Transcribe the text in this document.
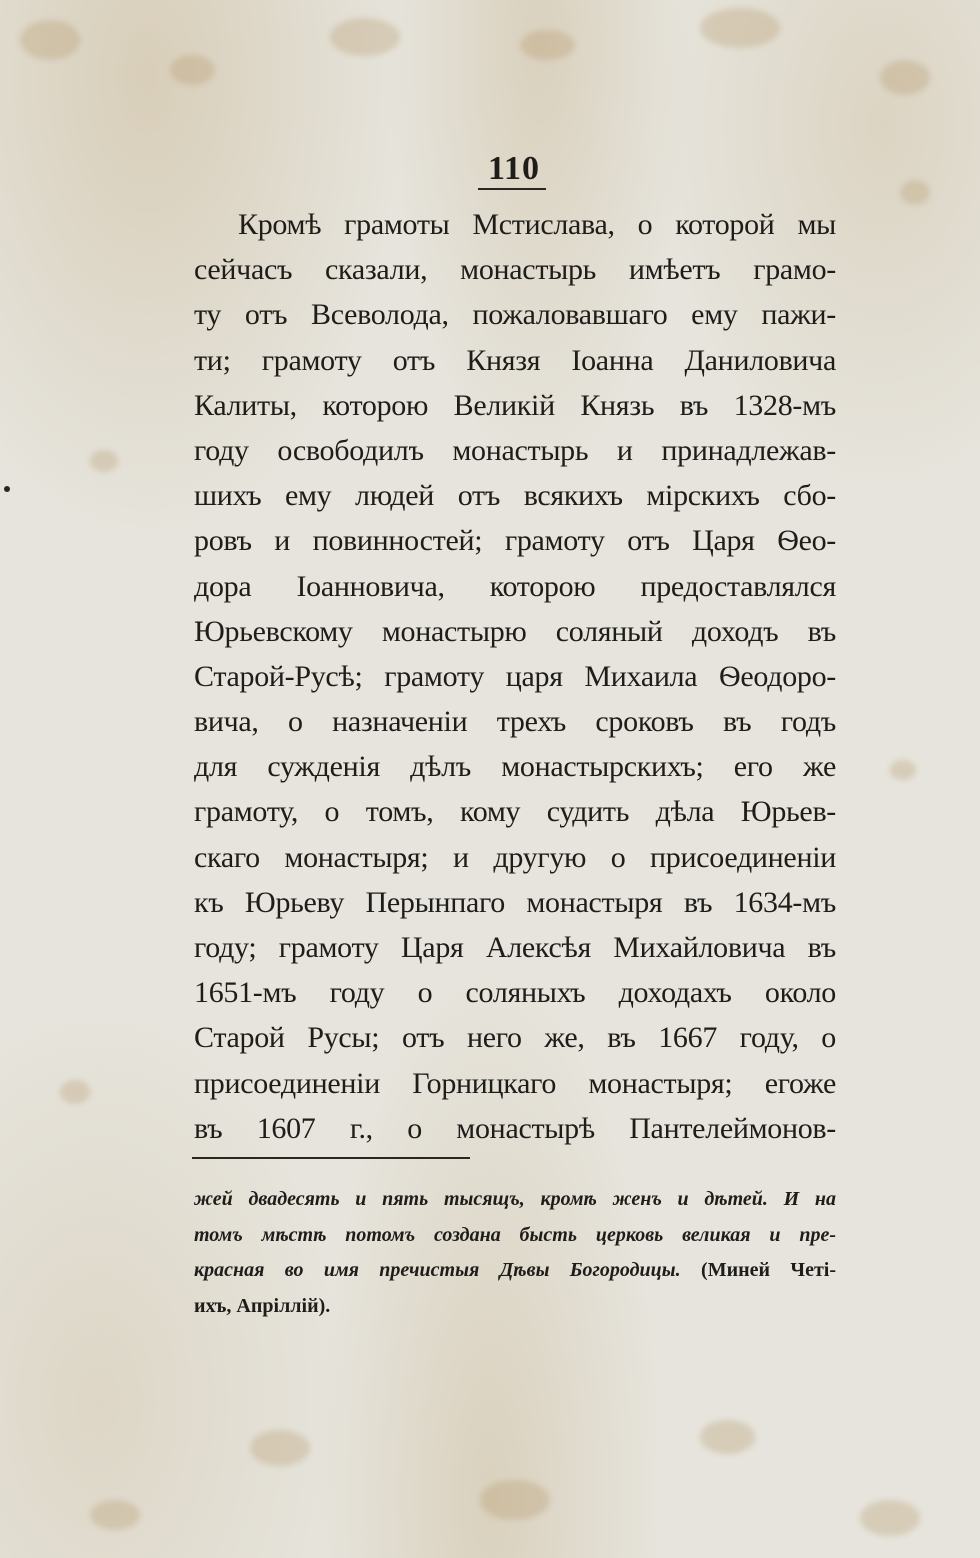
110
Кромѣ грамоты Мстислава, о которой мы
сейчасъ сказали, монастырь имѣетъ грамо-
ту отъ Всеволода, пожаловавшаго ему пажи-
ти; грамоту отъ Князя Іоанна Даниловича
Калиты, которою Великій Князь въ 1328-мъ
году освободилъ монастырь и принадлежав-
шихъ ему людей отъ всякихъ мірскихъ сбо-
ровъ и повинностей; грамоту отъ Царя Ѳео-
дора Іоанновича, которою предоставлялся
Юрьевскому монастырю соляный доходъ въ
Старой-Русѣ; грамоту царя Михаила Ѳеодоро-
вича, о назначеніи трехъ сроковъ въ годъ
для сужденія дѣлъ монастырскихъ; его же
грамоту, о томъ, кому судить дѣла Юрьев-
скаго монастыря; и другую о присоединеніи
къ Юрьеву Перынпаго монастыря въ 1634-мъ
году; грамоту Царя Алексѣя Михайловича въ
1651-мъ году о соляныхъ доходахъ около
Старой Русы; отъ него же, въ 1667 году, о
присоединеніи Горницкаго монастыря; егоже
въ 1607 г., о монастырѣ Пантелеймонов-
жей двадесять и пять тысящъ, кромѣ женъ и дѣтей. И на
томъ мѣстѣ потомъ создана бысть церковь великая и пре-
красная во имя пречистыя Дѣвы Богородицы. (Миней Четі-
ихъ, Апріллій).
